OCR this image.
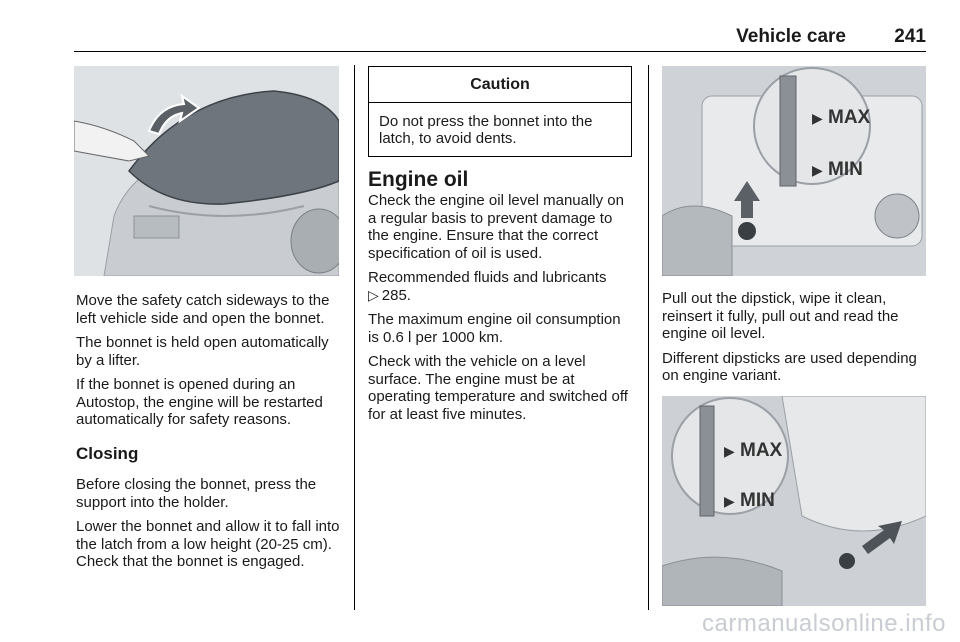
Vehicle care	241

Move the safety catch sideways to the left vehicle side and open the bonnet.

The bonnet is held open automatically by a lifter.

If the bonnet is opened during an Autostop, the engine will be restarted automatically for safety reasons.

Closing

Before closing the bonnet, press the support into the holder.

Lower the bonnet and allow it to fall into the latch from a low height (20-25 cm). Check that the bonnet is engaged.

Caution
Do not press the bonnet into the latch, to avoid dents.
Engine oil

Check the engine oil level manually on a regular basis to prevent damage to the engine. Ensure that the correct specification of oil is used.

Recommended fluids and lubricants
▷ 285.

The maximum engine oil consumption is 0.6 l per 1000 km.

Check with the vehicle on a level surface. The engine must be at operating temperature and switched off for at least five minutes.

▶ MAX
▶ MIN

Pull out the dipstick, wipe it clean, reinsert it fully, pull out and read the engine oil level.

Different dipsticks are used depending on engine variant.

▶ MAX
▶ MIN
carmanualsonline.info
